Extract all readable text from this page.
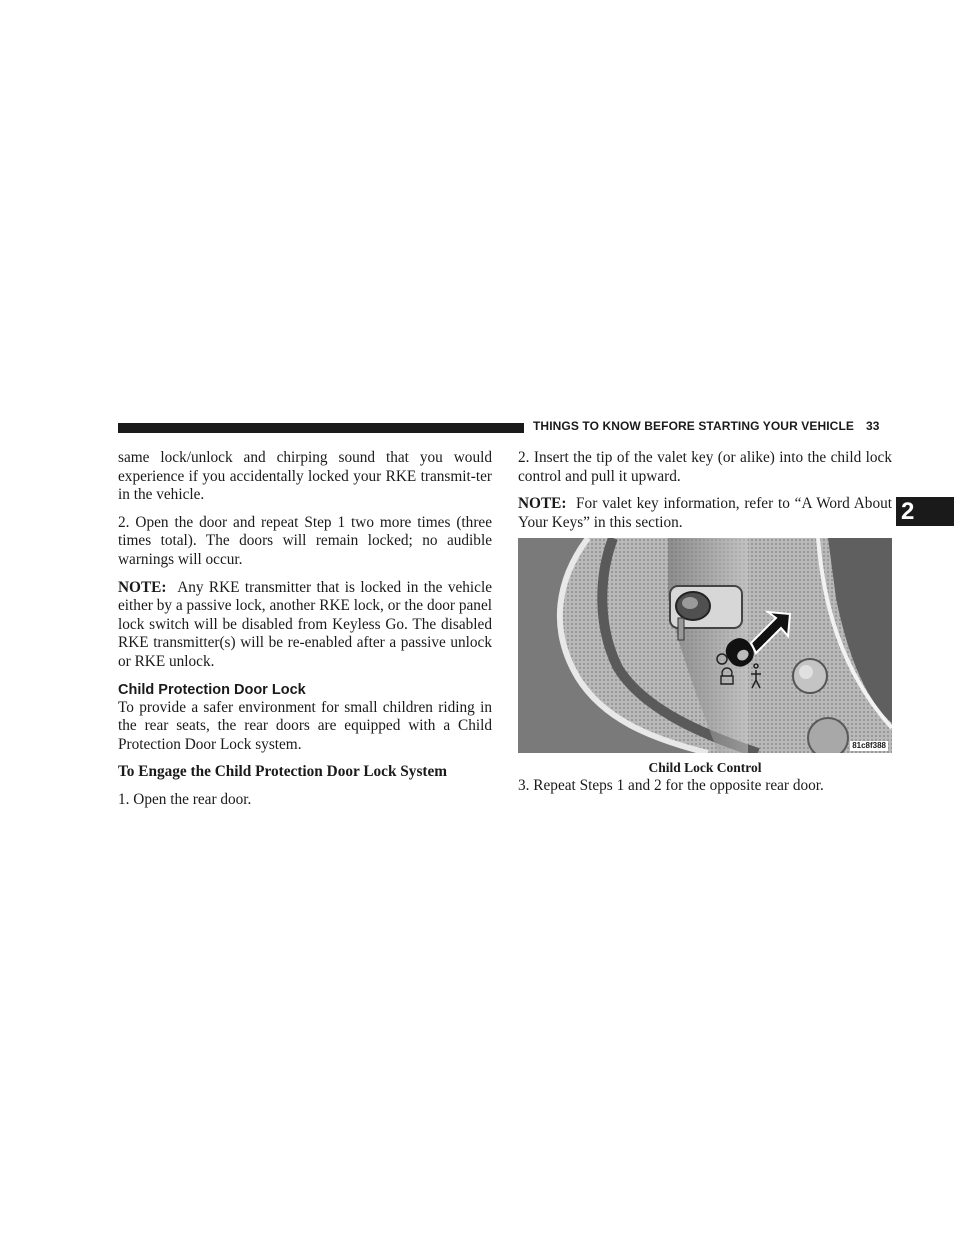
THINGS TO KNOW BEFORE STARTING YOUR VEHICLE 33
2

same lock/unlock and chirping sound that you would experience if you accidentally locked your RKE transmit-ter in the vehicle.

2. Open the door and repeat Step 1 two more times (three times total). The doors will remain locked; no audible warnings will occur.

NOTE: Any RKE transmitter that is locked in the vehicle either by a passive lock, another RKE lock, or the door panel lock switch will be disabled from Keyless Go. The disabled RKE transmitter(s) will be re-enabled after a passive unlock or RKE unlock.

Child Protection Door Lock

To provide a safer environment for small children riding in the rear seats, the rear doors are equipped with a Child Protection Door Lock system.

To Engage the Child Protection Door Lock System

1. Open the rear door.

2. Insert the tip of the valet key (or alike) into the child lock control and pull it upward.

NOTE: For valet key information, refer to “A Word About Your Keys” in this section.

81c8f388
Child Lock Control

3. Repeat Steps 1 and 2 for the opposite rear door.
